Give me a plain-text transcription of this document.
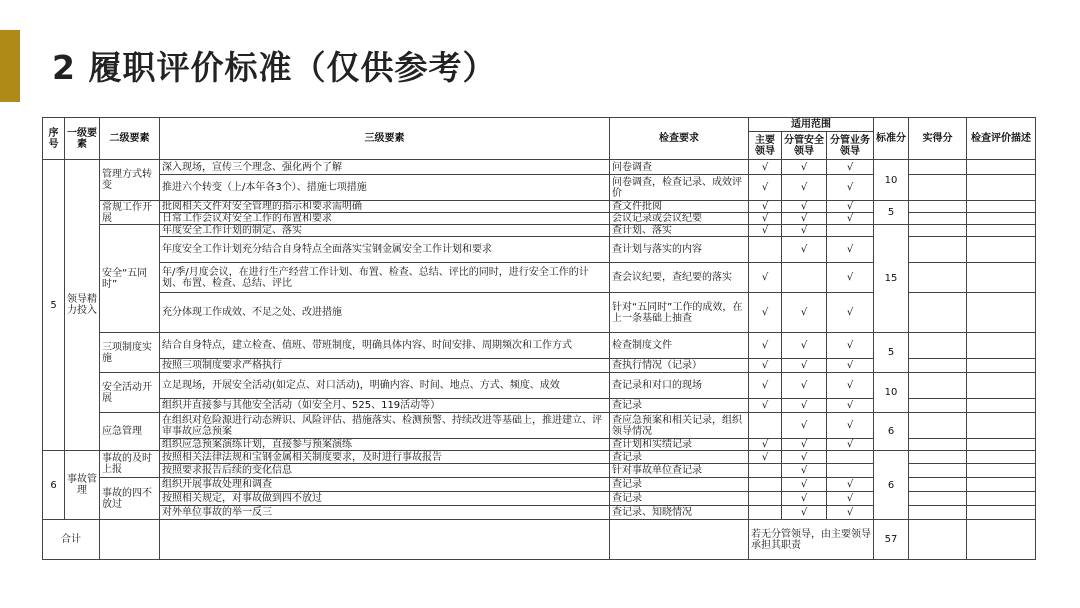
2 履职评价标准（仅供参考）
序号	一级要素	二级要素	三级要素	检查要求	适用范围			标准分	实得分	检查评价描述
					主要领导	分管安全领导	分管业务领导			
5	领导精力投入	管理方式转变	深入现场，宣传三个理念、强化两个了解	问卷调查	√	√	√	10		
			推进六个转变（上/本年各3个）、措施七项措施	问卷调查，检查记录、成效评价	√	√	√			
		常规工作开展	批阅相关文件对安全管理的指示和要求需明确	查文件批阅	√	√	√	5		
			日常工作会议对安全工作的布置和要求	会议记录或会议纪要	√	√	√			
		安全“五同时”	年度安全工作计划的制定、落实	查计划、落实	√	√		15		
			年度安全工作计划充分结合自身特点全面落实宝钢金属安全工作计划和要求	查计划与落实的内容		√	√			
			年/季/月度会议，在进行生产经营工作计划、布置、检查、总结、评比的同时，进行安全工作的计划、布置、检查、总结、评比	查会议纪要，查纪要的落实	√		√			
			充分体现工作成效、不足之处、改进措施	针对“五同时”工作的成效，在上一条基础上抽查	√	√	√			
		三项制度实施	结合自身特点，建立检查、值班、带班制度，明确具体内容、时间安排、周期频次和工作方式	检查制度文件	√	√	√	5		
			按照三项制度要求严格执行	查执行情况（记录）	√	√	√			
		安全活动开展	立足现场，开展安全活动(如定点、对口活动)，明确内容、时间、地点、方式、频度、成效	查记录和对口的现场	√	√	√	10		
			组织并直接参与其他安全活动（如安全月、525、119活动等）	查记录	√	√	√			
		应急管理	在组织对危险源进行动态辨识、风险评估、措施落实、检测预警、持续改进等基础上，推进建立、评审事故应急预案	查应急预案和相关记录，组织领导情况		√	√	6		
			组织应急预案演练计划，直接参与预案演练	查计划和实绩记录	√	√	√			
6	事故管理	事故的及时上报	按照相关法律法规和宝钢金属相关制度要求，及时进行事故报告	查记录	√	√		6		
			按照要求报告后续的变化信息	针对事故单位查记录		√				
		事故的四不放过	组织开展事故处理和调查	查记录		√	√			
			按照相关规定，对事故做到四不放过	查记录		√	√			
			对外单位事故的举一反三	查记录、知晓情况		√	√			
合计					若无分管领导，由主要领导承担其职责			57		
